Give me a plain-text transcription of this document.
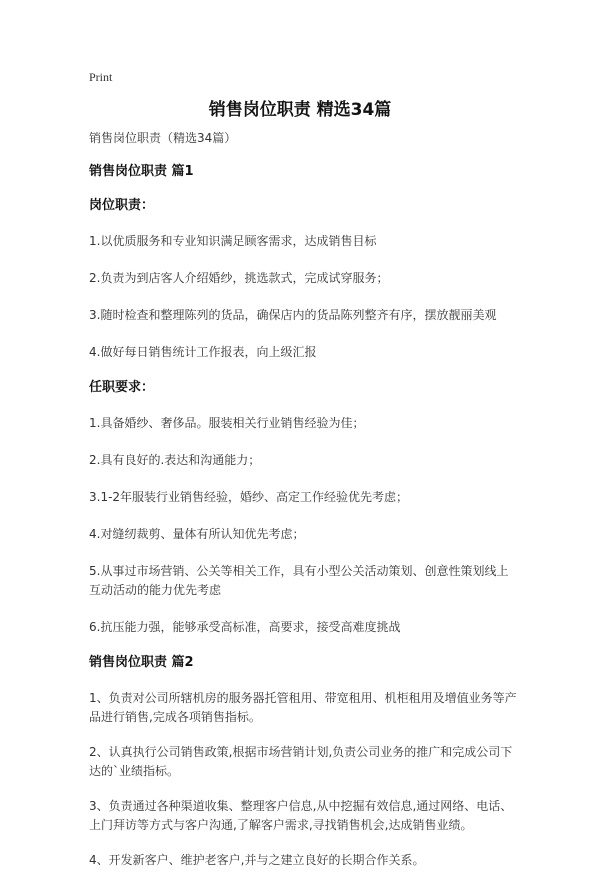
Print
销售岗位职责 精选34篇

销售岗位职责（精选34篇）

销售岗位职责 篇1

岗位职责：

1.以优质服务和专业知识满足顾客需求，达成销售目标

2.负责为到店客人介绍婚纱，挑选款式，完成试穿服务；

3.随时检查和整理陈列的货品，确保店内的货品陈列整齐有序，摆放靓丽美观

4.做好每日销售统计工作报表，向上级汇报

任职要求：

1.具备婚纱、奢侈品。服装相关行业销售经验为佳；

2.具有良好的.表达和沟通能力；

3.1-2年服装行业销售经验，婚纱、高定工作经验优先考虑；

4.对缝纫裁剪、量体有所认知优先考虑；

5.从事过市场营销、公关等相关工作，具有小型公关活动策划、创意性策划线上互动活动的能力优先考虑

6.抗压能力强，能够承受高标准，高要求，接受高难度挑战

销售岗位职责 篇2

1、负责对公司所辖机房的服务器托管租用、带宽租用、机柜租用及增值业务等产品进行销售,完成各项销售指标。

2、认真执行公司销售政策,根据市场营销计划,负责公司业务的推广和完成公司下达的`业绩指标。

3、负责通过各种渠道收集、整理客户信息,从中挖掘有效信息,通过网络、电话、上门拜访等方式与客户沟通,了解客户需求,寻找销售机会,达成销售业绩。

4、开发新客户、维护老客户,并与之建立良好的长期合作关系。
